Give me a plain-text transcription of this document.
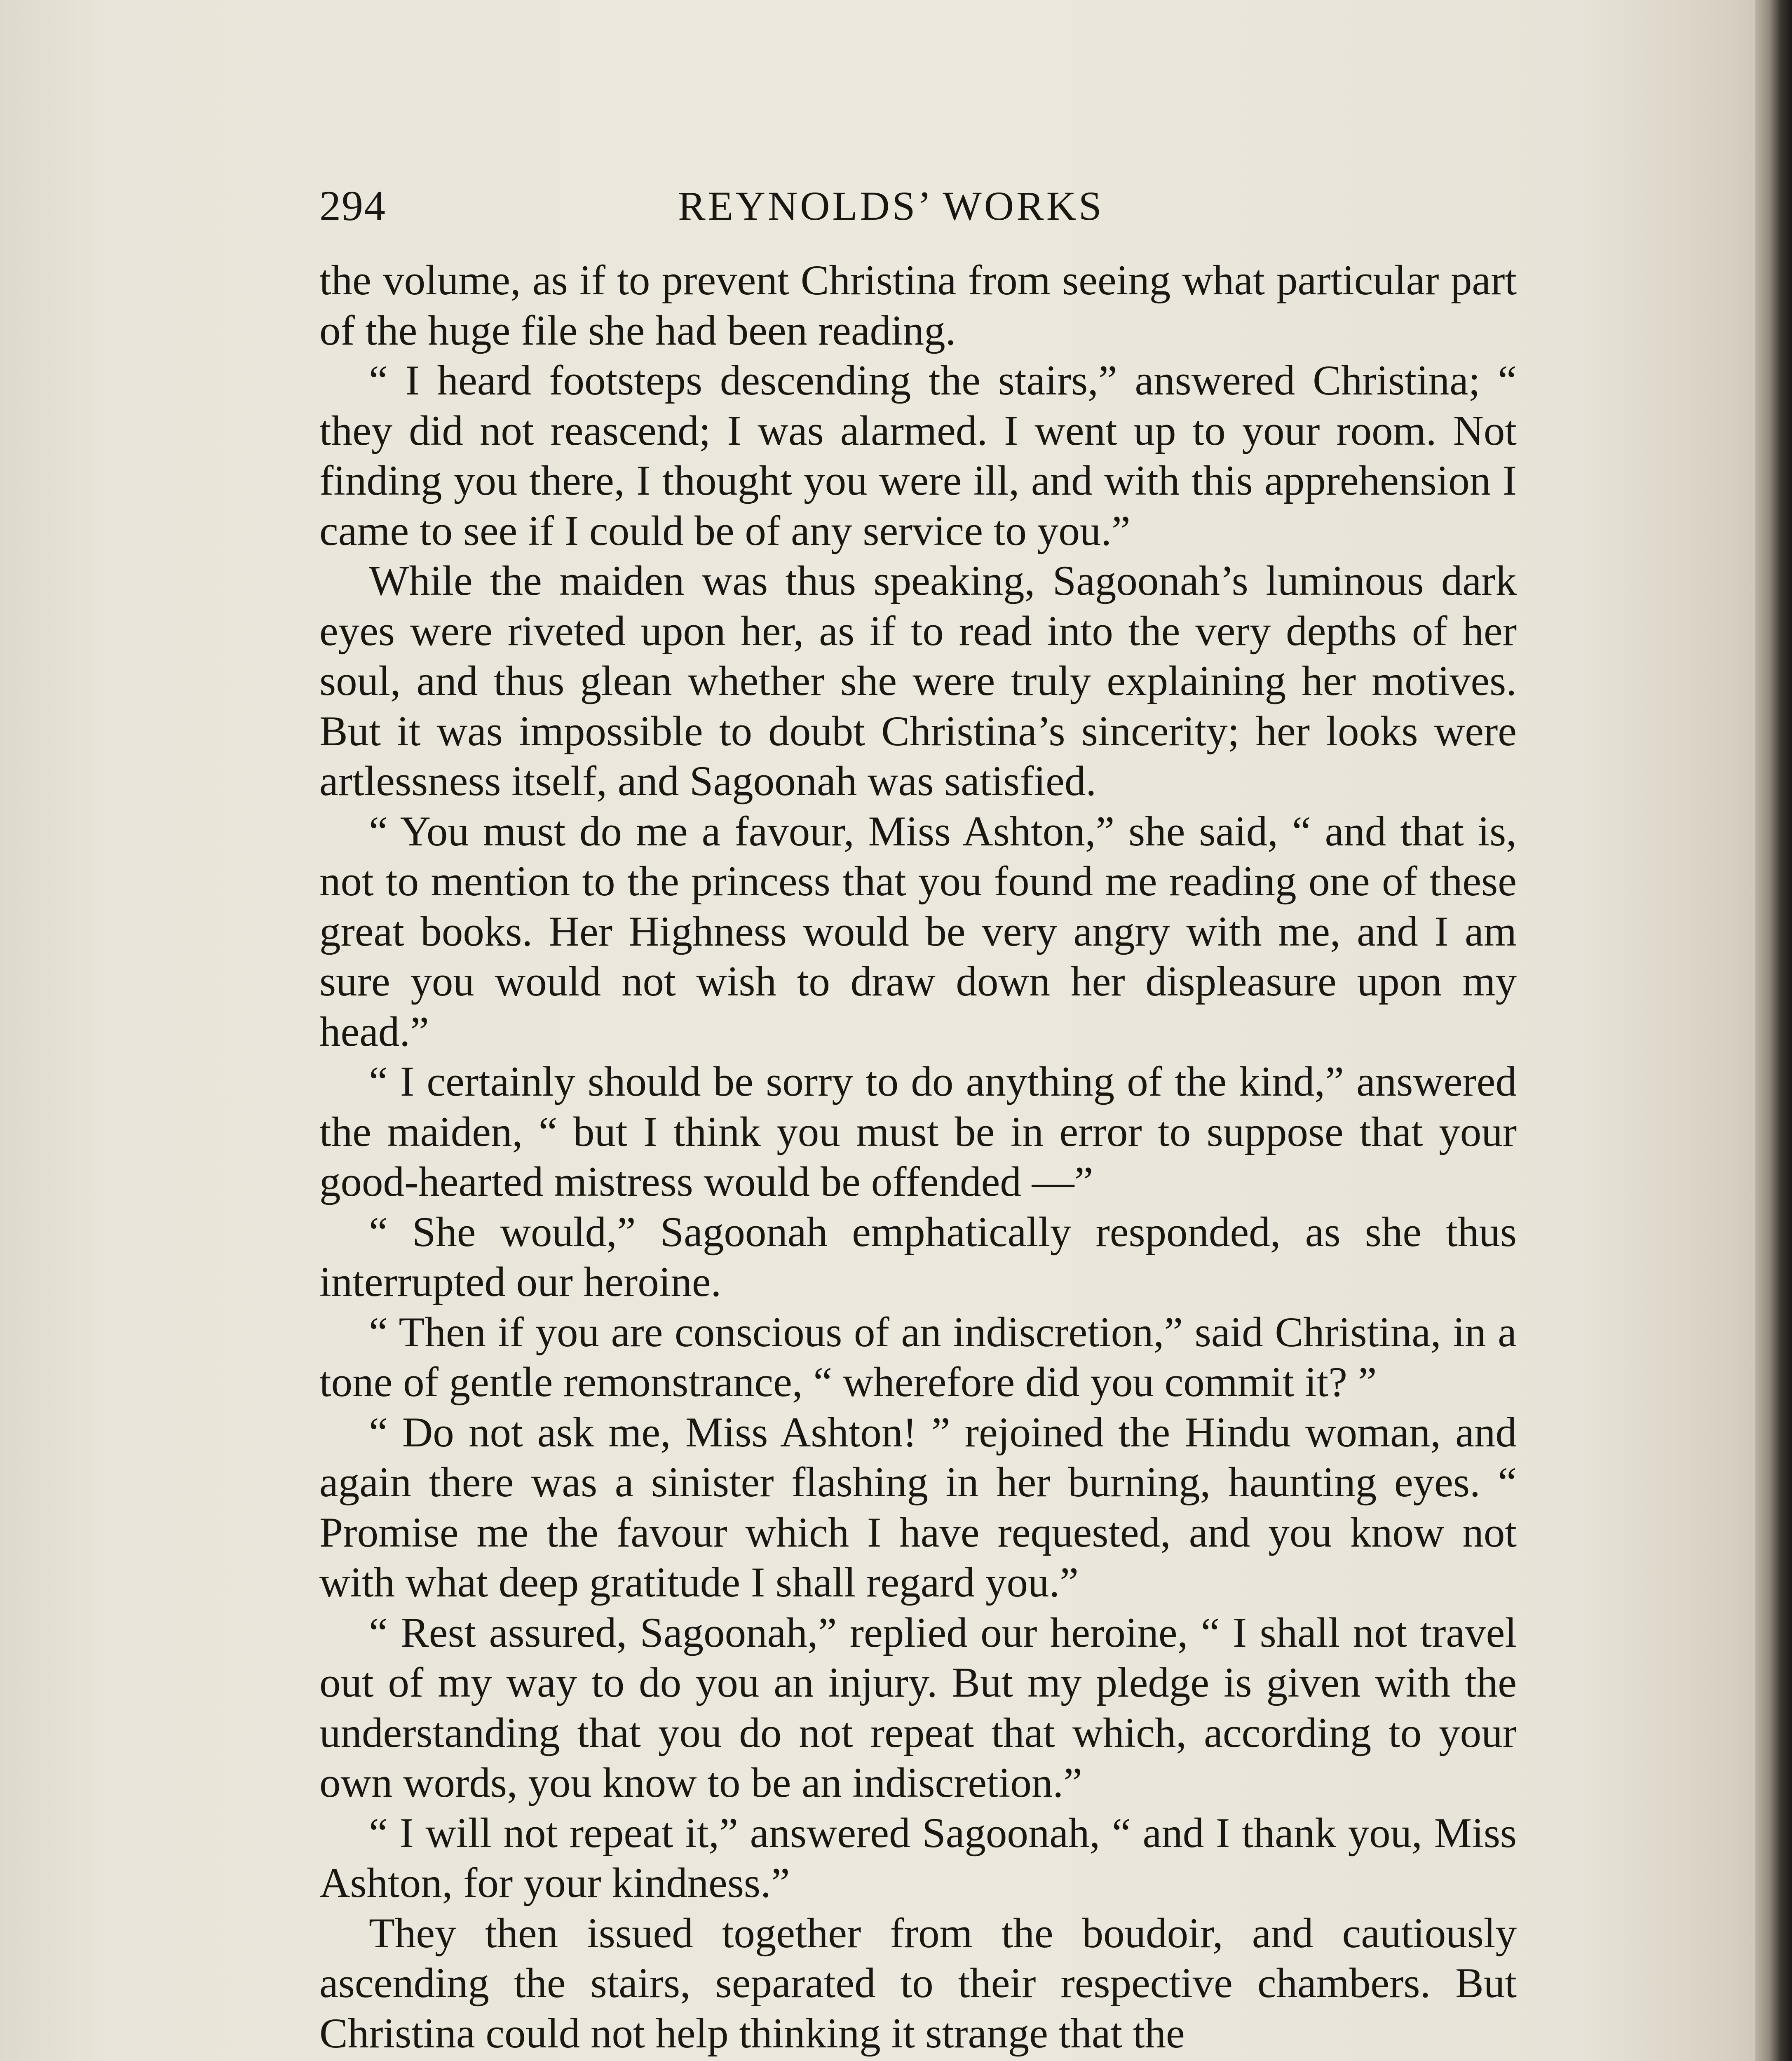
294	REYNOLDS’ WORKS

the volume, as if to prevent Christina from seeing what particular part of the huge file she had been reading.

“ I heard footsteps descending the stairs,” answered Christina; “ they did not reascend; I was alarmed. I went up to your room. Not finding you there, I thought you were ill, and with this apprehension I came to see if I could be of any service to you.”

While the maiden was thus speaking, Sagoonah’s luminous dark eyes were riveted upon her, as if to read into the very depths of her soul, and thus glean whether she were truly explaining her motives. But it was impossible to doubt Christina’s sincerity; her looks were artlessness itself, and Sagoonah was satisfied.

“ You must do me a favour, Miss Ashton,” she said, “ and that is, not to mention to the princess that you found me reading one of these great books. Her Highness would be very angry with me, and I am sure you would not wish to draw down her displeasure upon my head.”

“ I certainly should be sorry to do anything of the kind,” answered the maiden, “ but I think you must be in error to suppose that your good-hearted mistress would be offended —”

“ She would,” Sagoonah emphatically responded, as she thus interrupted our heroine.

“ Then if you are conscious of an indiscretion,” said Christina, in a tone of gentle remonstrance, “ wherefore did you commit it? ”

“ Do not ask me, Miss Ashton! ” rejoined the Hindu woman, and again there was a sinister flashing in her burning, haunting eyes. “ Promise me the favour which I have requested, and you know not with what deep gratitude I shall regard you.”

“ Rest assured, Sagoonah,” replied our heroine, “ I shall not travel out of my way to do you an injury. But my pledge is given with the understanding that you do not repeat that which, according to your own words, you know to be an indiscretion.”

“ I will not repeat it,” answered Sagoonah, “ and I thank you, Miss Ashton, for your kindness.”

They then issued together from the boudoir, and cautiously ascending the stairs, separated to their respective chambers. But Christina could not help thinking it strange that the
